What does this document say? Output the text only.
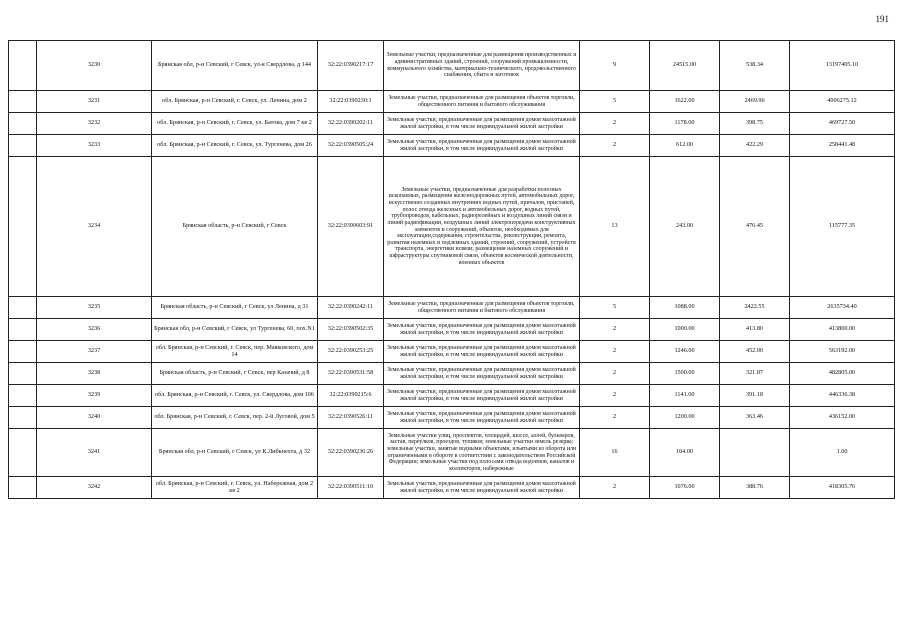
191
	3230	Брянская обл, р-н Севский, г Севск, ул-я Свердлова, д 144	32:22:0390217:17	Земельные участки, предназначенные для размещения производственных и административных зданий, строений, сооружений промышленности, коммунального хозяйства, материально-технического, продовольственного снабжения, сбыта и заготовок	9	24515.00	538.34	13197405.10
	3231	обл. Брянская, р-н Севский, г. Севск, ул. Ленина, дом 2	32:22:0390230:1	Земельные участки, предназначенные для размещения объектов торговли, общественного питания и бытового обслуживания	5	1622.00	2469.96	4006275.12
	3232	обл. Брянская, р-н Севский, г. Севск, ул. Батова, дом 7 кв 2	32:22:0390202:11	Земельные участки, предназначенные для размещения домов малоэтажной жилой застройки, в том числе индивидуальной жилой застройки	2	1178.00	398.75	469727.50
	3233	обл. Брянская, р-н Севский, г. Севск, ул. Тургенева, дом 26	32:22:0390505:24	Земельные участки, предназначенные для размещения домов малоэтажной жилой застройки, в том числе индивидуальной жилой застройки	2	612.00	422.29	258441.48
	3234	Брянская область, р-н Севский, г Севск	32:22:0390603:91	Земельные участки, предназначенные для разработки полезных ископаемых, размещения железнодорожных путей, автомобильных дорог, искусственно созданных внутренних водных путей, причалов, пристаней, полос отвода железных и автомобильных дорог, водных путей, трубопроводов, кабельных, радиорелейных и воздушных линий связи и линий радиофикации, воздушных линий электропередачи конструктивных элементов и сооружений, объектов, необходимых для эксплуатации,содержания, строительства, реконструкции, ремонта, развития наземных и подземных зданий, строений, сооружений, устройств транспорта, энергетики исвязи; размещения наземных сооружений и шфраструктуры спутниковой связи, объектов космической деятельности, военных объектов	13	243.00	476.45	115777.35
	3235	Брянская область, р-н Севский, г Севск, ул Ленина, д 31	32:22:0390242:11	Земельные участки, предназначенные для размещения объектов торговли, общественного питания и бытового обслуживания	5	1088.00	2422.55	2635734.40
	3236	Брянская обл, р-н Севский, г Севск, ул Тургенева, 60, пох.N1	32:22:0390502:35	Земельные участки, предназначенные для размещения домов малоэтажной жилой застройки, в том числе индивидуальной жилой застройки	2	1000.00	413.80	413800.00
	3237	обл. Брянская, р-н Севский, г. Севск, пер. Маяковского, дом 14	32:22:0390253:25	Земельные участки, предназначенные для размещения домов малоэтажной жилой застройки, в том числе индивидуальной жилой застройки	2	1246.00	452.00	563192.00
	3238	Брянская область, р-н Севский, г Севск, пер Казачий, д 8	32:22:0390531:58	Земельные участки, предназначенные для размещения домов малоэтажной жилой застройки, в том числе индивидуальной жилой застройки	2	1500.00	321.87	482805.00
	3239	обл. Брянская, р-н Севский, г. Севск, ул. Свердлова, дом 106	32:22:0390215:6	Земельные участки, предназначенные для размещения домов малоэтажной жилой застройки, в том числе индивидуальной жилой застройки	2	1141.00	391.18	446336.38
	3240	обл. Брянская, р-н Севский, г. Севск, пер. 2-й Луговой, дом 5	32:22:0390526:11	Земельные участки, предназначенные для размещения домов малоэтажной жилой застройки, в том числе индивидуальной жилой застройки	2	1200.00	363.46	436152.00
	3241	Брянская обл, р-н Севский, г Севск, ул К.Либкнехта, д 32	32:22:0390236:26	Земельные участки улиц, проспектов, площадей, шоссе, аллей, бульваров, застав, переулков, проездов, тупиков; земельные участки земель резерва; земельные участки, занятые водными объектами, изъятыми из оборота или ограниченными в обороте в соответствии с законодательством Российской Федерации; земельные участки под полосами отвода водоемов, каналов и коллекторов, набережные	16	104.00		1.00
	3242	обл. Брянская, р-н Севский, г. Севск, ул. Набережная, дом 2 кв 2	32:22:0390511:10	Земельные участки, предназначенные для размещения домов малоэтажной жилой застройки, в том числе индивидуальной жилой застройки	2	1076.00	388.76	418305.76
